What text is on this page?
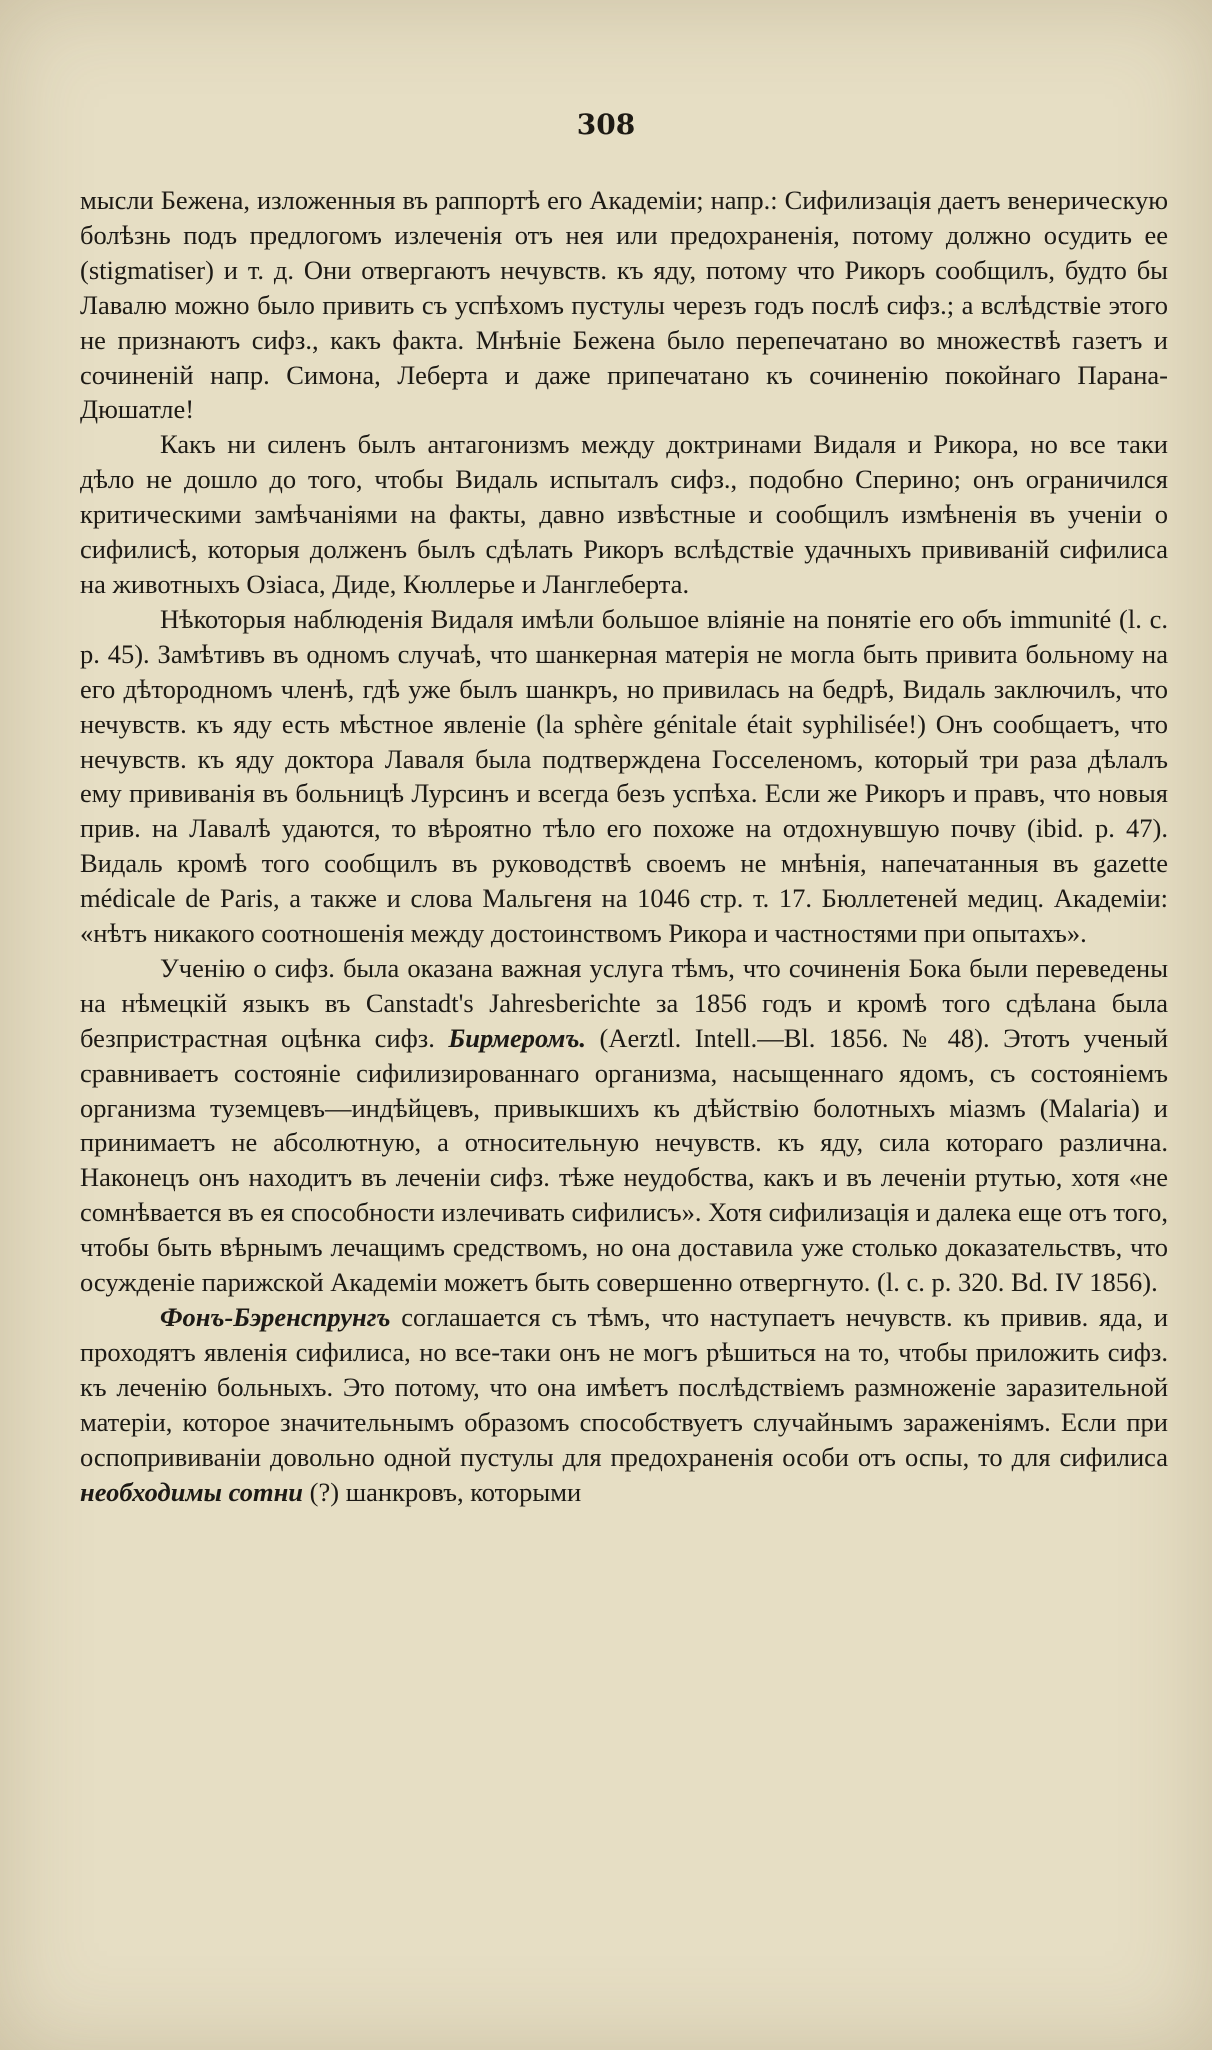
308

мысли Бежена, изложенныя въ раппортѣ его Академіи; напр.: Сифилизація даетъ венерическую болѣзнь подъ предлогомъ излеченія отъ нея или предохраненія, потому должно осудить ее (stigmatiser) и т. д. Они отвергаютъ нечувств. къ яду, потому что Рикоръ сообщилъ, будто бы Лавалю можно было привить съ успѣхомъ пустулы черезъ годъ послѣ сифз.; а вслѣдствіе этого не признаютъ сифз., какъ факта. Мнѣніе Бежена было перепечатано во множествѣ газетъ и сочиненій напр. Симона, Леберта и даже припечатано къ сочиненію покойнаго Парана-Дюшатле!

Какъ ни силенъ былъ антагонизмъ между доктринами Видаля и Рикора, но все таки дѣло не дошло до того, чтобы Видаль испыталъ сифз., подобно Сперино; онъ ограничился критическими замѣчаніями на факты, давно извѣстные и сообщилъ измѣненія въ ученіи о сифилисѣ, которыя долженъ былъ сдѣлать Рикоръ вслѣдствіе удачныхъ прививаній сифилиса на животныхъ Озіаса, Диде, Кюллерье и Ланглеберта.

Нѣкоторыя наблюденія Видаля имѣли большое вліяніе на понятіе его объ immunité (l. c. p. 45). Замѣтивъ въ одномъ случаѣ, что шанкерная матерія не могла быть привита больному на его дѣтородномъ членѣ, гдѣ уже былъ шанкръ, но привилась на бедрѣ, Видаль заключилъ, что нечувств. къ яду есть мѣстное явленіе (la sphère génitale était syphilisée!) Онъ сообщаетъ, что нечувств. къ яду доктора Лаваля была подтверждена Госселеномъ, который три раза дѣлалъ ему прививанія въ больницѣ Лурсинъ и всегда безъ успѣха. Если же Рикоръ и правъ, что новыя прив. на Лавалѣ удаются, то вѣроятно тѣло его похоже на отдохнувшую почву (ibid. p. 47). Видаль кромѣ того сообщилъ въ руководствѣ своемъ не мнѣнія, напечатанныя въ gazette médicale de Paris, а также и слова Мальгеня на 1046 стр. т. 17. Бюллетеней медиц. Академіи: «нѣтъ никакого соотношенія между достоинствомъ Рикора и частностями при опытахъ».

Ученію о сифз. была оказана важная услуга тѣмъ, что сочиненія Бока были переведены на нѣмецкій языкъ въ Canstadt's Jahresberichte за 1856 годъ и кромѣ того сдѣлана была безпристрастная оцѣнка сифз. Бирмеромъ. (Aerztl. Intell.—Bl. 1856. № 48). Этотъ ученый сравниваетъ состояніе сифилизированнаго организма, насыщеннаго ядомъ, съ состояніемъ организма туземцевъ—индѣйцевъ, привыкшихъ къ дѣйствію болотныхъ міазмъ (Malaria) и принимаетъ не абсолютную, а относительную нечувств. къ яду, сила котораго различна. Наконецъ онъ находитъ въ леченіи сифз. тѣже неудобства, какъ и въ леченіи ртутью, хотя «не сомнѣвается въ ея способности излечивать сифилисъ». Хотя сифилизація и далека еще отъ того, чтобы быть вѣрнымъ лечащимъ средствомъ, но она доставила уже столько доказательствъ, что осужденіе парижской Академіи можетъ быть совершенно отвергнуто. (l. c. p. 320. Bd. IV 1856).

Фонъ-Бэренспрунгъ соглашается съ тѣмъ, что наступаетъ нечувств. къ привив. яда, и проходятъ явленія сифилиса, но все-таки онъ не могъ рѣшиться на то, чтобы приложить сифз. къ леченію больныхъ. Это потому, что она имѣетъ послѣдствіемъ размноженіе заразительной матеріи, которое значительнымъ образомъ способствуетъ случайнымъ зараженіямъ. Если при оспопрививаніи довольно одной пустулы для предохраненія особи отъ оспы, то для сифилиса необходимы сотни (?) шанкровъ, которыми
